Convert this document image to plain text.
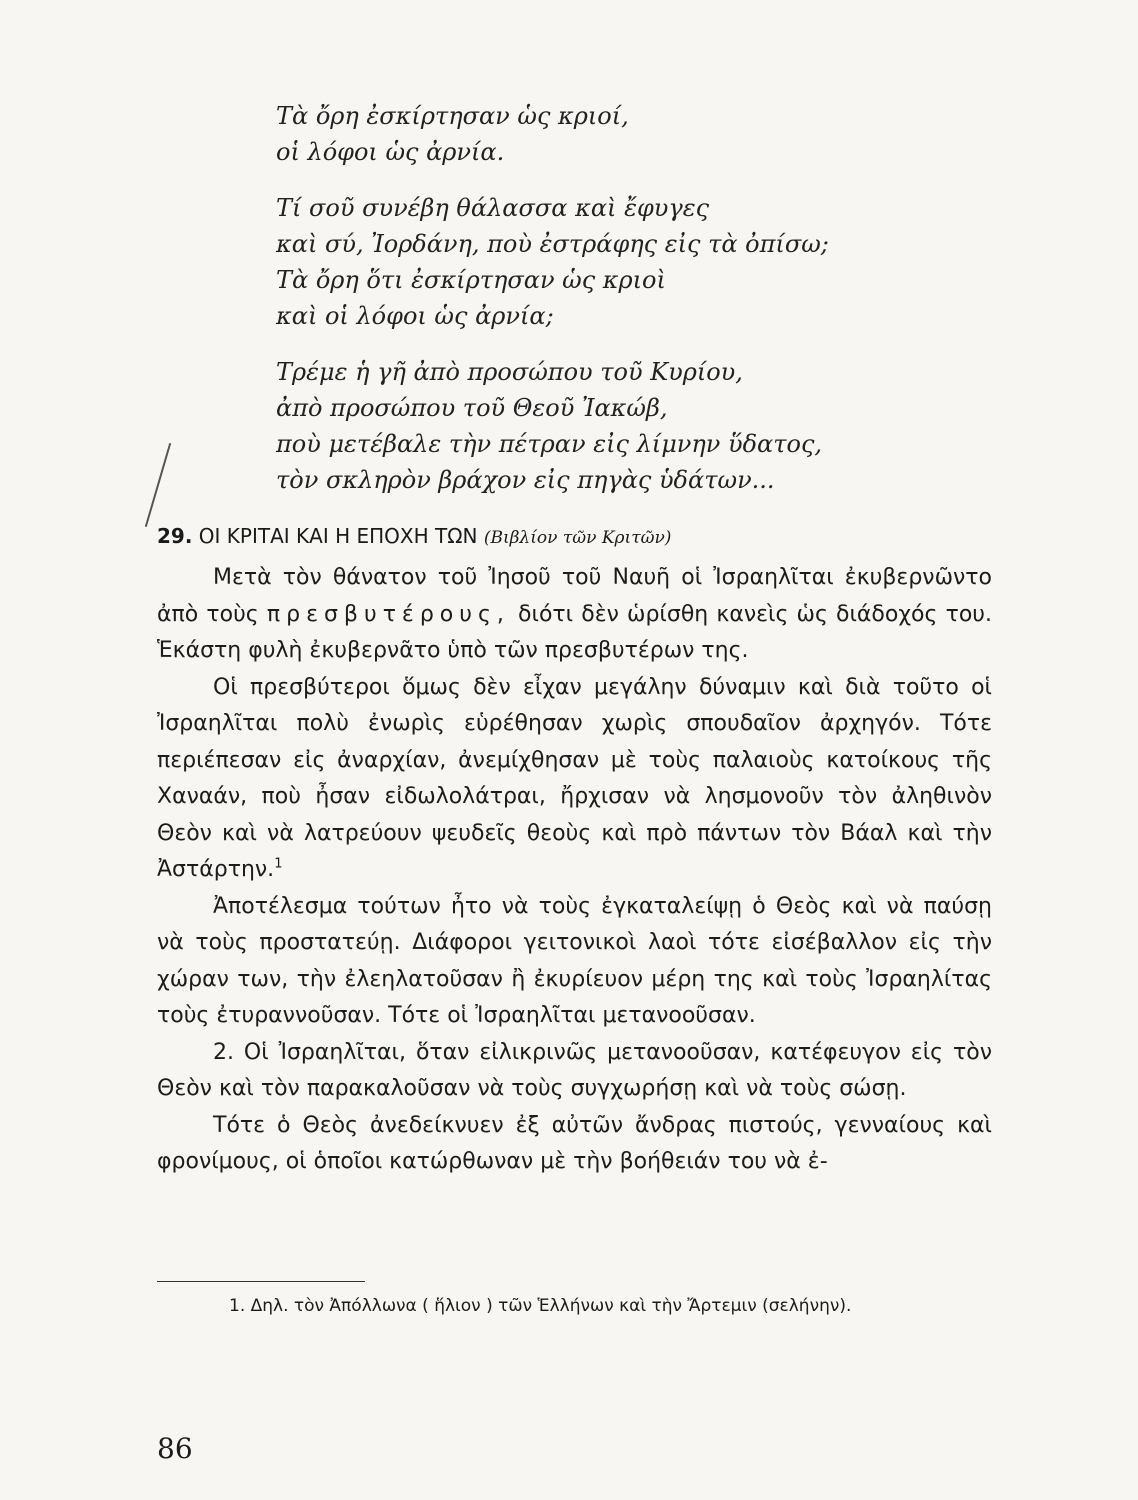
Τὰ ὄρη ἐσκίρτησαν ὡς κριοί,
οἱ λόφοι ὡς ἀρνία.
Τί σοῦ συνέβη θάλασσα καὶ ἔφυγες
καὶ σύ, Ἰορδάνη, ποὺ ἐστράφης εἰς τὰ ὀπίσω;
Τὰ ὄρη ὅτι ἐσκίρτησαν ὡς κριοὶ
καὶ οἱ λόφοι ὡς ἀρνία;
Τρέμε ἡ γῆ ἀπὸ προσώπου τοῦ Κυρίου,
ἀπὸ προσώπου τοῦ Θεοῦ Ἰακώβ,
ποὺ μετέβαλε τὴν πέτραν εἰς λίμνην ὕδατος,
τὸν σκληρὸν βράχον εἰς πηγὰς ὑδάτων...
29. ΟΙ ΚΡΙΤΑΙ ΚΑΙ Η ΕΠΟΧΗ ΤΩΝ (Βιβλίον τῶν Κριτῶν)

Μετὰ τὸν θάνατον τοῦ Ἰησοῦ τοῦ Ναυῆ οἱ Ἰσραηλῖται ἐκυβερνῶντο ἀπὸ τοὺς πρεσβυτέρους, διότι δὲν ὡρίσθη κανεὶς ὡς διάδοχός του. Ἑκάστη φυλὴ ἐκυβερνᾶτο ὑπὸ τῶν πρεσβυτέρων της.

Οἱ πρεσβύτεροι ὅμως δὲν εἶχαν μεγάλην δύναμιν καὶ διὰ τοῦτο οἱ Ἰσραηλῖται πολὺ ἐνωρὶς εὑρέθησαν χωρὶς σπουδαῖον ἀρχηγόν. Τότε περιέπεσαν εἰς ἀναρχίαν, ἀνεμίχθησαν μὲ τοὺς παλαιοὺς κατοίκους τῆς Χαναάν, ποὺ ἦσαν εἰδωλολάτραι, ἤρχισαν νὰ λησμονοῦν τὸν ἀληθινὸν Θεὸν καὶ νὰ λατρεύουν ψευδεῖς θεοὺς καὶ πρὸ πάντων τὸν Βάαλ καὶ τὴν Ἀστάρτην.$^1$

Ἀποτέλεσμα τούτων ἦτο νὰ τοὺς ἐγκαταλείψῃ ὁ Θεὸς καὶ νὰ παύσῃ νὰ τοὺς προστατεύῃ. Διάφοροι γειτονικοὶ λαοὶ τότε εἰσέβαλλον εἰς τὴν χώραν των, τὴν ἐλεηλατοῦσαν ἢ ἐκυρίευον μέρη της καὶ τοὺς Ἰσραηλίτας τοὺς ἐτυραννοῦσαν. Τότε οἱ Ἰσραηλῖται μετανοοῦσαν.

2. Οἱ Ἰσραηλῖται, ὅταν εἰλικρινῶς μετανοοῦσαν, κατέφευγον εἰς τὸν Θεὸν καὶ τὸν παρακαλοῦσαν νὰ τοὺς συγχωρήσῃ καὶ νὰ τοὺς σώσῃ.

Τότε ὁ Θεὸς ἀνεδείκνυεν ἐξ αὐτῶν ἄνδρας πιστούς, γενναίους καὶ φρονίμους, οἱ ὁποῖοι κατώρθωναν μὲ τὴν βοήθειάν του νὰ ἐ-

1. Δηλ. τὸν Ἀπόλλωνα ( ἥλιον ) τῶν Ἑλλήνων καὶ τὴν Ἄρτεμιν (σελήνην).

86
